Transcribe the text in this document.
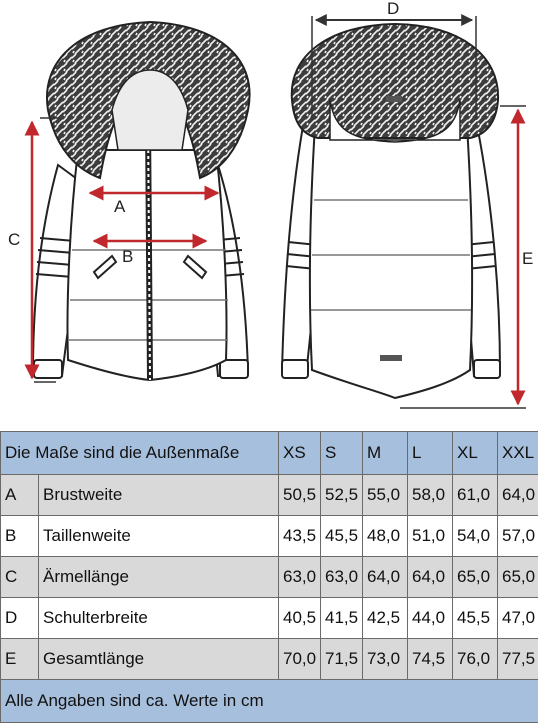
A
B
C
D
E
Die Maße sind die Außenmaße		XS	S	M	L	XL	XXL
A	Brustweite	50,5	52,5	55,0	58,0	61,0	64,0
B	Taillenweite	43,5	45,5	48,0	51,0	54,0	57,0
C	Ärmellänge	63,0	63,0	64,0	64,0	65,0	65,0
D	Schulterbreite	40,5	41,5	42,5	44,0	45,5	47,0
E	Gesamtlänge	70,0	71,5	73,0	74,5	76,0	77,5
Alle Angaben sind ca. Werte in cm							
